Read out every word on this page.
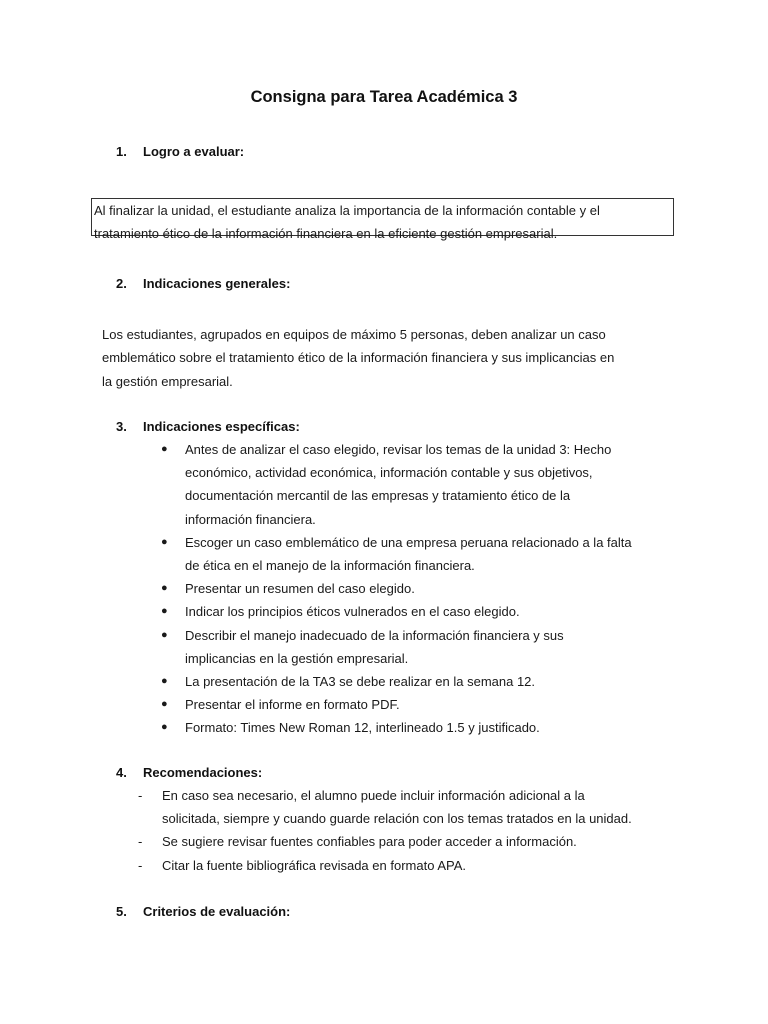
Consigna para Tarea Académica 3
1. Logro a evaluar:
Al finalizar la unidad, el estudiante analiza la importancia de la información contable y el
tratamiento ético de la información financiera en la eficiente gestión empresarial.
2. Indicaciones generales:
Los estudiantes, agrupados en equipos de máximo 5 personas, deben analizar un caso
emblemático sobre el tratamiento ético de la información financiera y sus implicancias en
la gestión empresarial.
3. Indicaciones específicas:
● Antes de analizar el caso elegido, revisar los temas de la unidad 3: Hecho
económico, actividad económica, información contable y sus objetivos,
documentación mercantil de las empresas y tratamiento ético de la
información financiera.
● Escoger un caso emblemático de una empresa peruana relacionado a la falta
de ética en el manejo de la información financiera.
● Presentar un resumen del caso elegido.
● Indicar los principios éticos vulnerados en el caso elegido.
● Describir el manejo inadecuado de la información financiera y sus
implicancias en la gestión empresarial.
● La presentación de la TA3 se debe realizar en la semana 12.
● Presentar el informe en formato PDF.
● Formato: Times New Roman 12, interlineado 1.5 y justificado.
4. Recomendaciones:
- En caso sea necesario, el alumno puede incluir información adicional a la
solicitada, siempre y cuando guarde relación con los temas tratados en la unidad.
- Se sugiere revisar fuentes confiables para poder acceder a información.
- Citar la fuente bibliográfica revisada en formato APA.
5. Criterios de evaluación:
